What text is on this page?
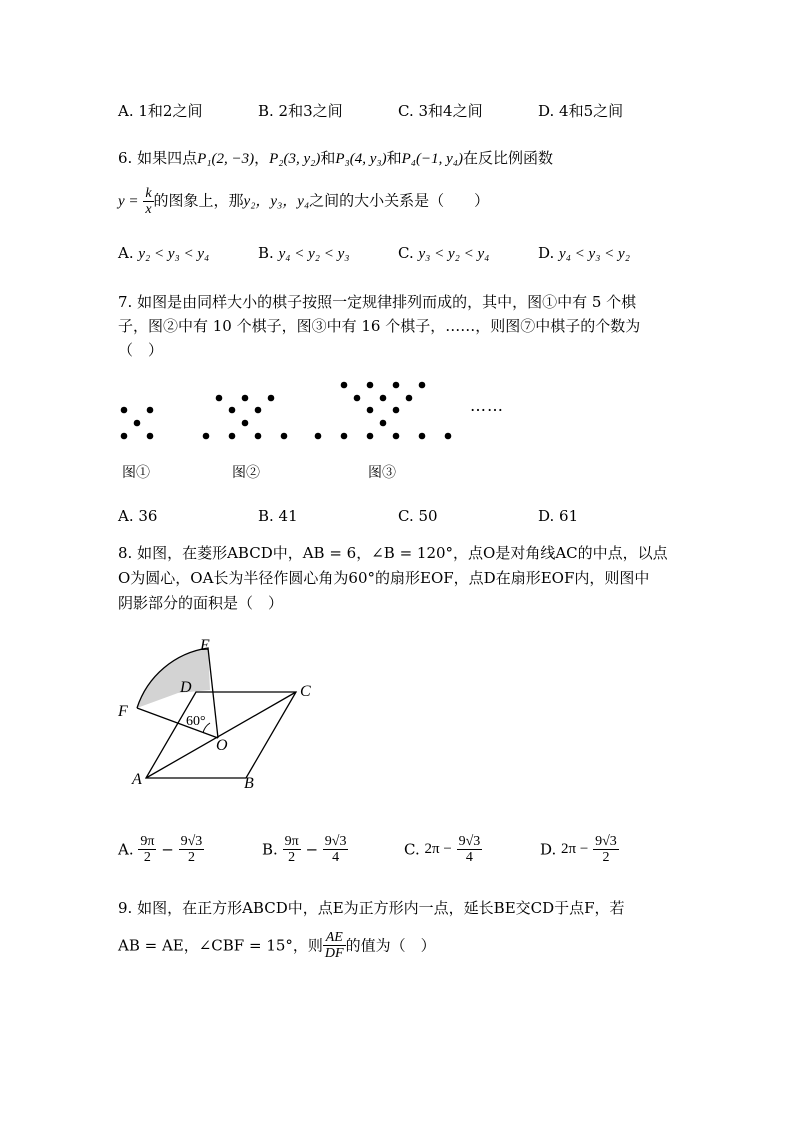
A. 1和2之间	B. 2和3之间	C. 3和4之间	D. 4和5之间
6. 如果四点P₁(2, −3)，P₂(3, y₂)和P₃(4, y₃)和P₄(−1, y₄)在反比例函数
$y = \frac{k}{x}$ 的图象上，那y₂，y₃，y₄之间的大小关系是（　　）
A. y₂ < y₃ < y₄	B. y₄ < y₂ < y₃	C. y₃ < y₂ < y₄	D. y₄ < y₃ < y₂
7. 如图是由同样大小的棋子按照一定规律排列而成的，其中，图①中有 5 个棋
子，图②中有 10 个棋子，图③中有 16 个棋子，……，则图⑦中棋子的个数为
（　）
……
图①	图②	图③
A. 36	B. 41	C. 50	D. 61
8. 如图，在菱形ABCD中，AB = 6，∠B = 120°，点O是对角线AC的中点，以点
O为圆心，OA长为半径作圆心角为60°的扇形EOF，点D在扇形EOF内，则图中
阴影部分的面积是（　）
E
D	C
F
60°
O
A	B
A. $\frac{9\pi}{2} - \frac{9√3}{2}$	B. $\frac{9\pi}{2} - \frac{9√3}{4}$	C. $2\pi - \frac{9√3}{4}$	D. $2\pi - \frac{9√3}{2}$
9. 如图，在正方形ABCD中，点E为正方形内一点，延长BE交CD于点F，若
AB = AE，∠CBF = 15°，则 $\frac{AE}{DF}$ 的值为（　）
